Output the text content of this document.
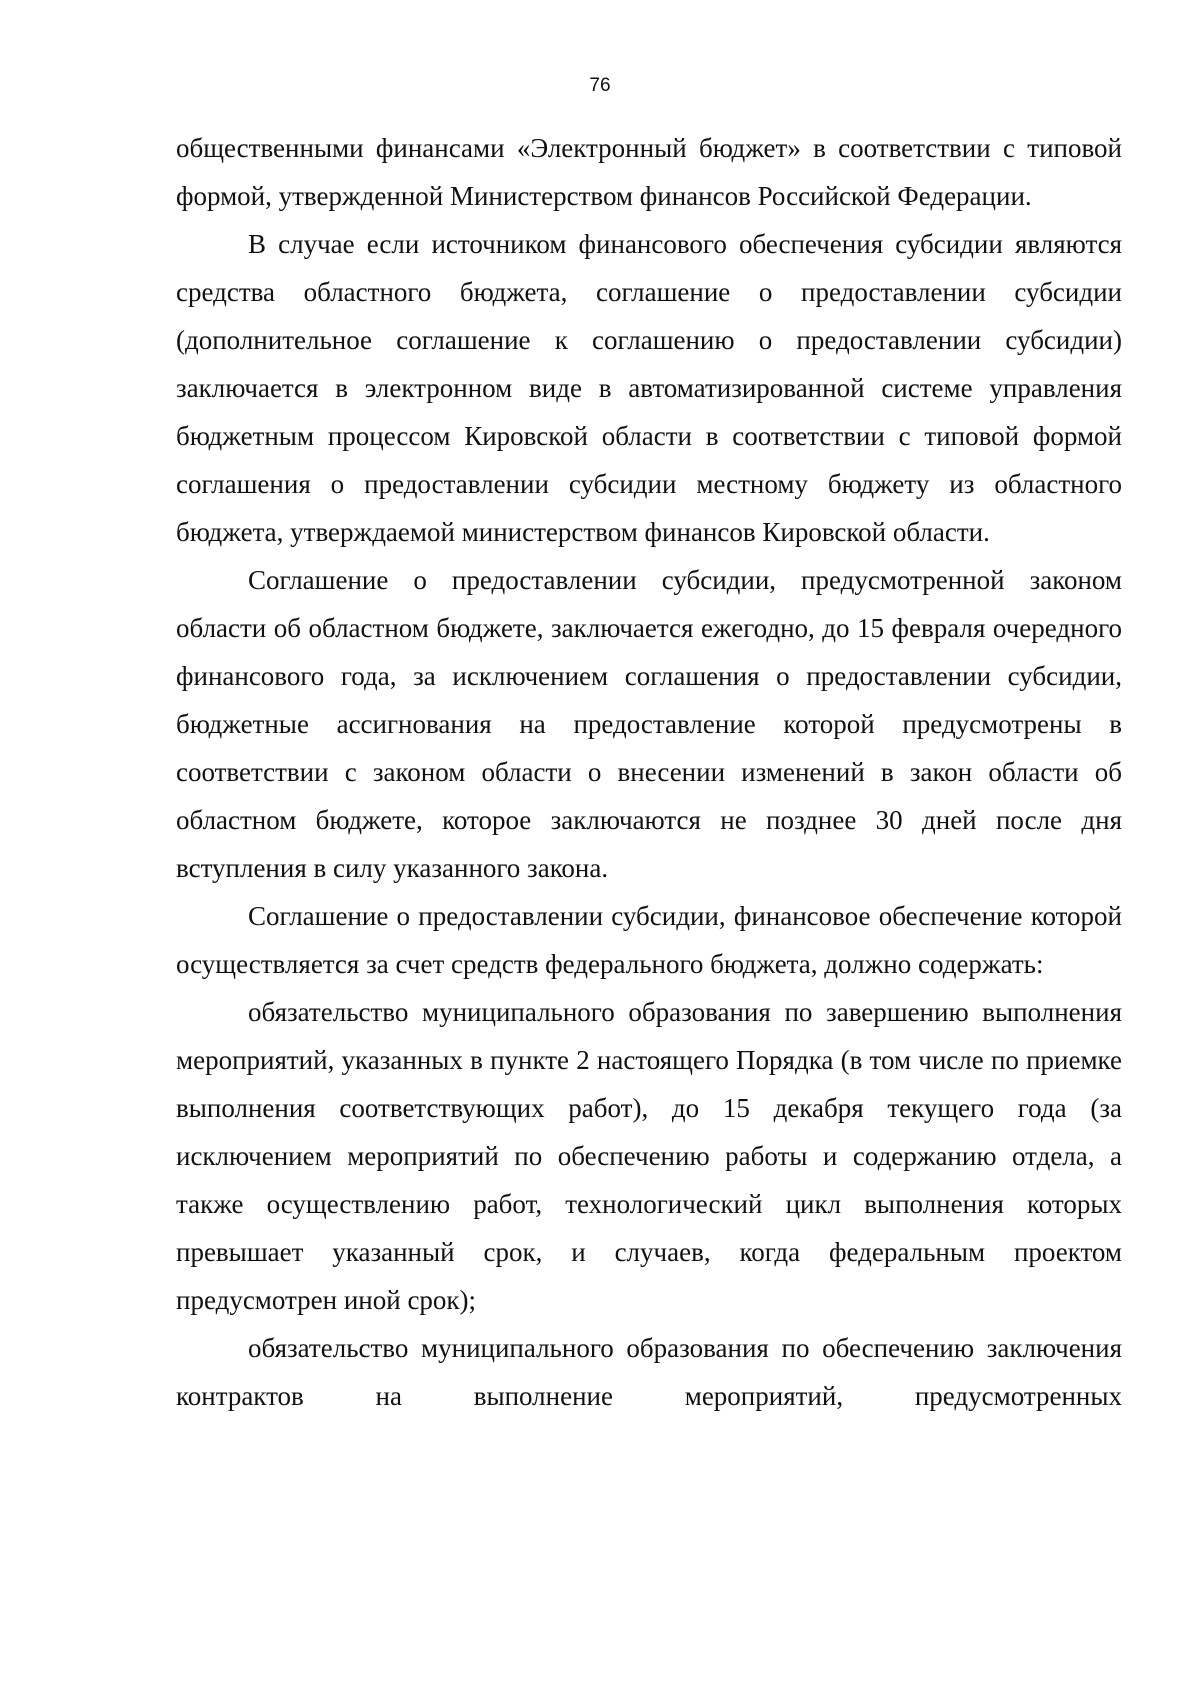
76

общественными финансами «Электронный бюджет» в соответствии с типовой формой, утвержденной Министерством финансов Российской Федерации.

В случае если источником финансового обеспечения субсидии являются средства областного бюджета, соглашение о предоставлении субсидии (дополнительное соглашение к соглашению о предоставлении субсидии) заключается в электронном виде в автоматизированной системе управления бюджетным процессом Кировской области в соответствии с типовой формой соглашения о предоставлении субсидии местному бюджету из областного бюджета, утверждаемой министерством финансов Кировской области.

Соглашение о предоставлении субсидии, предусмотренной законом области об областном бюджете, заключается ежегодно, до 15 февраля очередного финансового года, за исключением соглашения о предоставлении субсидии, бюджетные ассигнования на предоставление которой предусмотрены в соответствии с законом области о внесении изменений в закон области об областном бюджете, которое заключаются не позднее 30 дней после дня вступления в силу указанного закона.

Соглашение о предоставлении субсидии, финансовое обеспечение которой осуществляется за счет средств федерального бюджета, должно содержать:

обязательство муниципального образования по завершению выполнения мероприятий, указанных в пункте 2 настоящего Порядка (в том числе по приемке выполнения соответствующих работ), до 15 декабря текущего года (за исключением мероприятий по обеспечению работы и содержанию отдела, а также осуществлению работ, технологический цикл выполнения которых превышает указанный срок, и случаев, когда федеральным проектом предусмотрен иной срок);

обязательство муниципального образования по обеспечению заключения контрактов на выполнение мероприятий, предусмотренных
